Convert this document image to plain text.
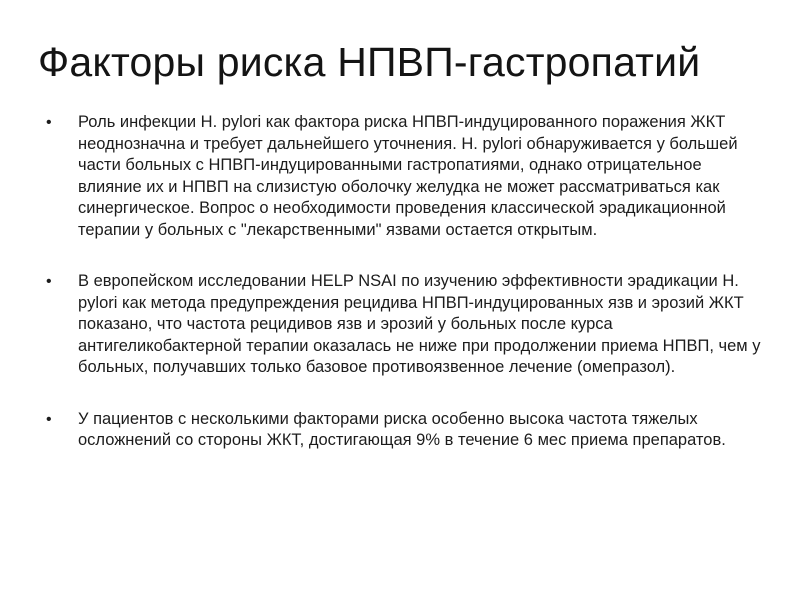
Факторы риска НПВП-гастропатий
• Роль инфекции H. pylori как фактора риска НПВП-индуцированного поражения ЖКТ неоднозначна и требует дальнейшего уточнения. H. pylori обнаруживается у большей части больных с НПВП-индуцированными гастропатиями, однако отрицательное влияние их и НПВП на слизистую оболочку желудка не может рассматриваться как синергическое. Вопрос о необходимости проведения классической эрадикационной терапии у больных с "лекарственными" язвами остается открытым.
• В европейском исследовании HELP NSAI по изучению эффективности эрадикации H. pylori как метода предупреждения рецидива НПВП-индуцированных язв и эрозий ЖКТ показано, что частота рецидивов язв и эрозий у больных после курса антигеликобактерной терапии оказалась не ниже при продолжении приема НПВП, чем у больных, получавших только базовое противоязвенное лечение (омепразол).
• У пациентов с несколькими факторами риска особенно высока частота тяжелых осложнений со стороны ЖКТ, достигающая 9% в течение 6 мес приема препаратов.
